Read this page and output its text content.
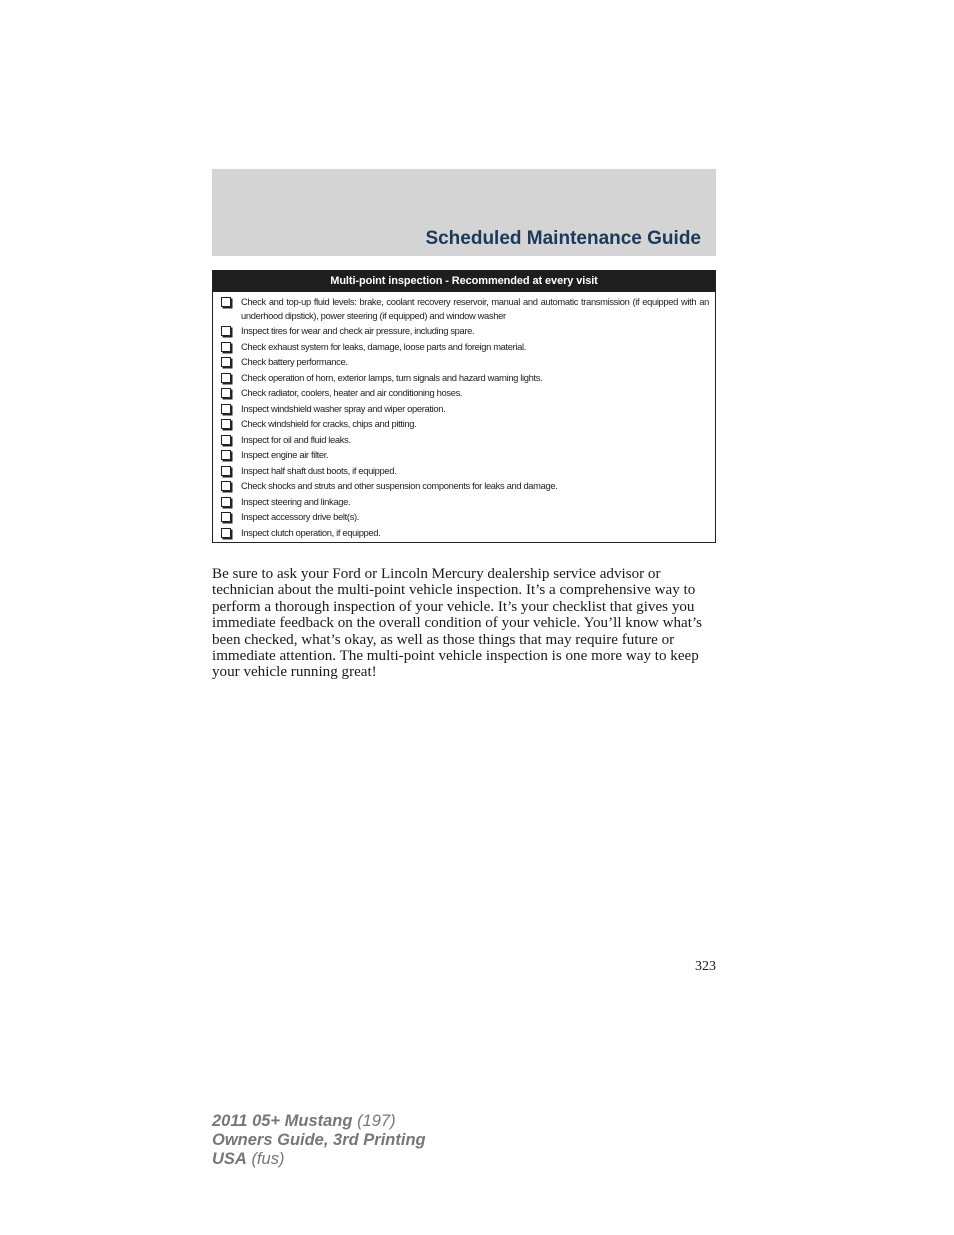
Scheduled Maintenance Guide
Multi-point inspection - Recommended at every visit
Check and top-up fluid levels: brake, coolant recovery reservoir, manual and automatic transmission (if equipped with an underhood dipstick), power steering (if equipped) and window washer
Inspect tires for wear and check air pressure, including spare.
Check exhaust system for leaks, damage, loose parts and foreign material.
Check battery performance.
Check operation of horn, exterior lamps, turn signals and hazard warning lights.
Check radiator, coolers, heater and air conditioning hoses.
Inspect windshield washer spray and wiper operation.
Check windshield for cracks, chips and pitting.
Inspect for oil and fluid leaks.
Inspect engine air filter.
Inspect half shaft dust boots, if equipped.
Check shocks and struts and other suspension components for leaks and damage.
Inspect steering and linkage.
Inspect accessory drive belt(s).
Inspect clutch operation, if equipped.

Be sure to ask your Ford or Lincoln Mercury dealership service advisor or technician about the multi-point vehicle inspection. It’s a comprehensive way to perform a thorough inspection of your vehicle. It’s your checklist that gives you immediate feedback on the overall condition of your vehicle. You’ll know what’s been checked, what’s okay, as well as those things that may require future or immediate attention. The multi-point vehicle inspection is one more way to keep your vehicle running great!

323
2011 05+ Mustang (197)
Owners Guide, 3rd Printing
USA (fus)
